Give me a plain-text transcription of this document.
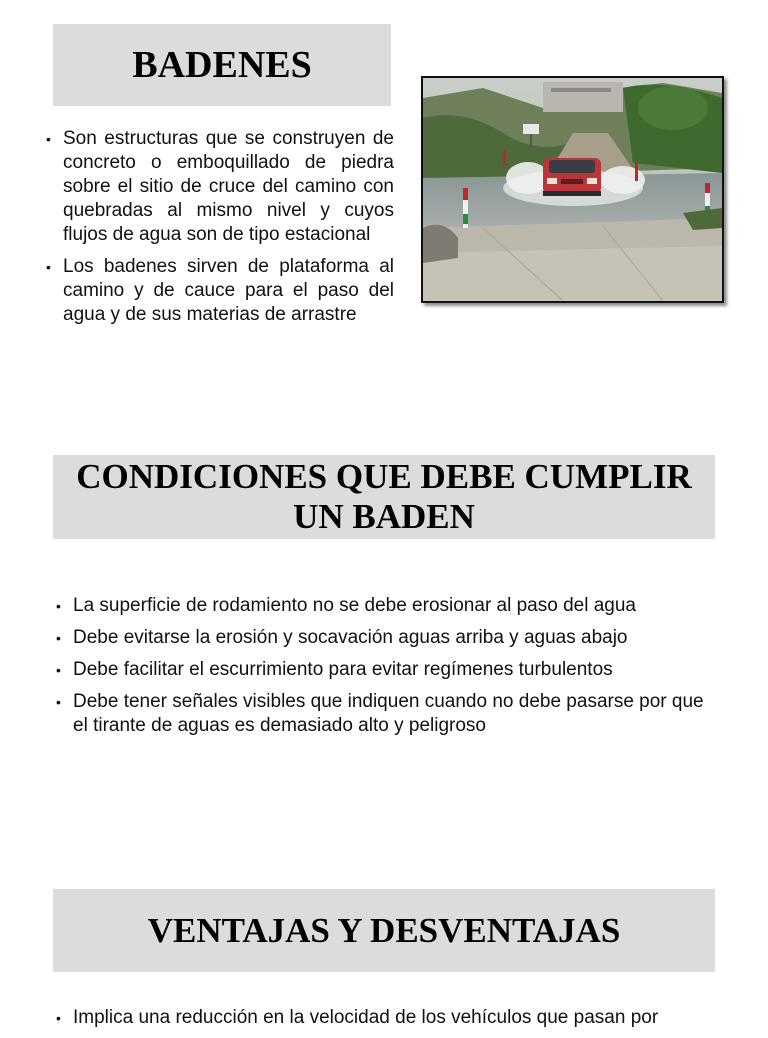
BADENES
• Son estructuras que se construyen de concreto o emboquillado de piedra sobre el sitio de cruce del camino con quebradas al mismo nivel y cuyos flujos de agua son de tipo estacional
• Los badenes sirven de plataforma al camino y de cauce para el paso del agua y de sus materias de arrastre
CONDICIONES QUE DEBE CUMPLIR UN BADEN
• La superficie de rodamiento no se debe erosionar al paso del agua
• Debe evitarse la erosión y socavación aguas arriba y aguas abajo
• Debe facilitar el escurrimiento para evitar regímenes turbulentos
• Debe tener señales visibles que indiquen cuando no debe pasarse por que el tirante de aguas es demasiado alto y peligroso
VENTAJAS Y DESVENTAJAS
• Implica una reducción en la velocidad de los vehículos que pasan por
